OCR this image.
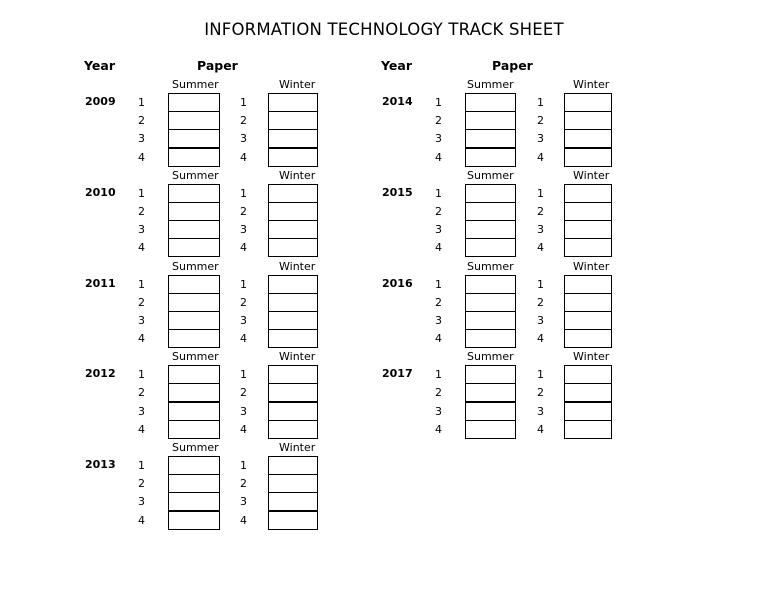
INFORMATION TECHNOLOGY TRACK SHEET
Year	Paper	Year	Paper
Summer	Winter
2009 1	1
2	2
3	3
4	4
Summer	Winter
2010 1	1
2	2
3	3
4	4
Summer	Winter
2011 1	1
2	2
3	3
4	4
Summer	Winter
2012 1	1
2	2
3	3
4	4
Summer	Winter
2013 1	1
2	2
3	3
4	4
Summer	Winter
2014 1	1
2	2
3	3
4	4
Summer	Winter
2015 1	1
2	2
3	3
4	4
Summer	Winter
2016 1	1
2	2
3	3
4	4
Summer	Winter
2017 1	1
2	2
3	3
4	4
